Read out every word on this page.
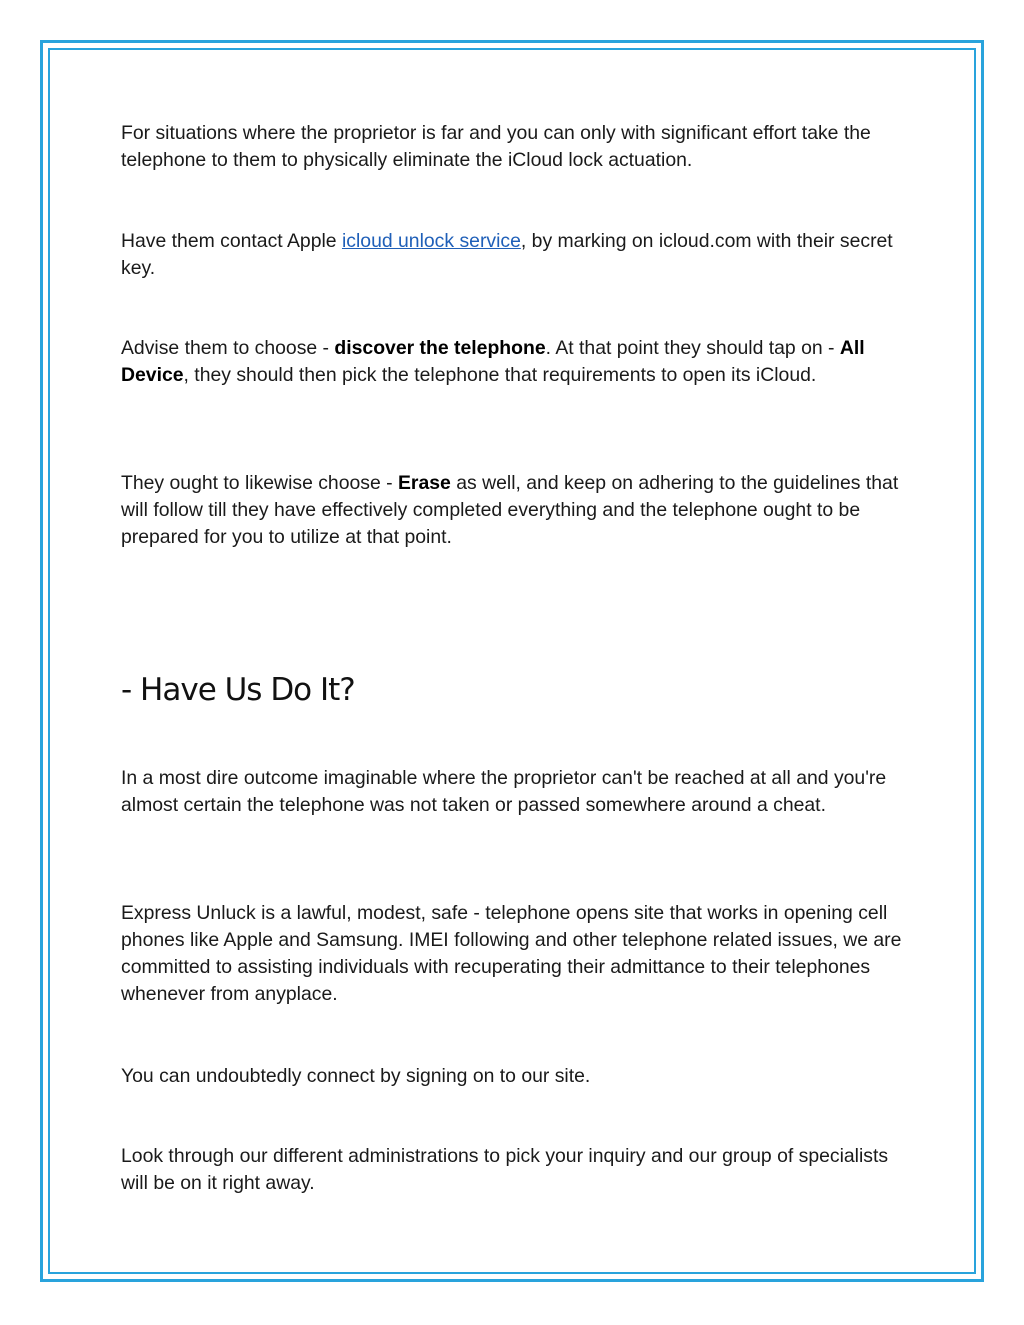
For situations where the proprietor is far and you can only with significant effort take the telephone to them to physically eliminate the iCloud lock actuation.

Have them contact Apple icloud unlock service, by marking on icloud.com with their secret key.

Advise them to choose - discover the telephone. At that point they should tap on - All Device, they should then pick the telephone that requirements to open its iCloud.

They ought to likewise choose - Erase as well, and keep on adhering to the guidelines that will follow till they have effectively completed everything and the telephone ought to be prepared for you to utilize at that point.

- Have Us Do It?

In a most dire outcome imaginable where the proprietor can't be reached at all and you're almost certain the telephone was not taken or passed somewhere around a cheat.

Express Unluck is a lawful, modest, safe - telephone opens site that works in opening cell phones like Apple and Samsung. IMEI following and other telephone related issues, we are committed to assisting individuals with recuperating their admittance to their telephones whenever from anyplace.

You can undoubtedly connect by signing on to our site.

Look through our different administrations to pick your inquiry and our group of specialists will be on it right away.
